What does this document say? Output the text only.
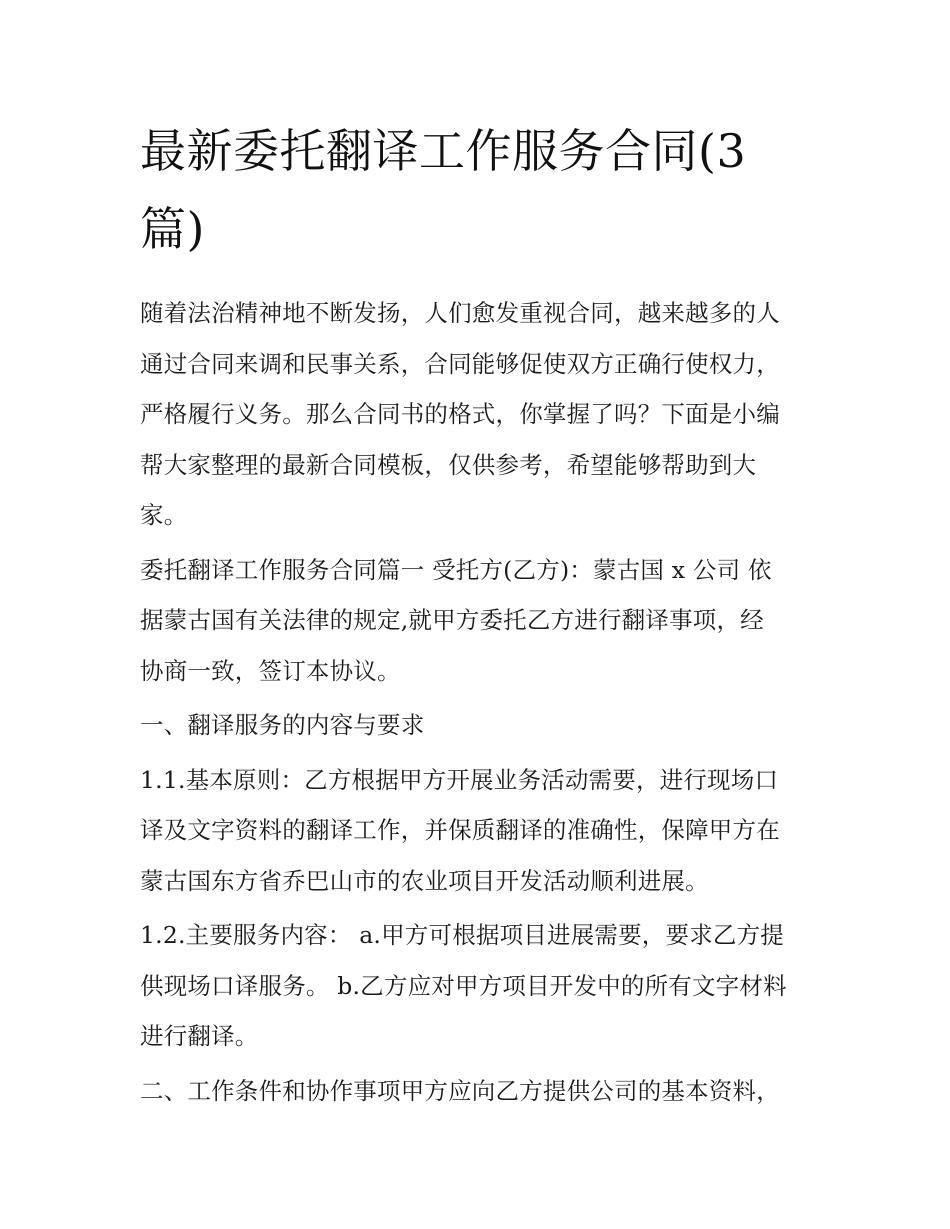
最新委托翻译工作服务合同(3
篇)

随着法治精神地不断发扬，人们愈发重视合同，越来越多的人
通过合同来调和民事关系，合同能够促使双方正确行使权力，
严格履行义务。那么合同书的格式，你掌握了吗？下面是小编
帮大家整理的最新合同模板，仅供参考，希望能够帮助到大
家。

委托翻译工作服务合同篇一 受托方(乙方)：蒙古国 x 公司 依
据蒙古国有关法律的规定,就甲方委托乙方进行翻译事项，经
协商一致，签订本协议。

一、翻译服务的内容与要求

1.1.基本原则：乙方根据甲方开展业务活动需要，进行现场口
译及文字资料的翻译工作，并保质翻译的准确性，保障甲方在
蒙古国东方省乔巴山市的农业项目开发活动顺利进展。

1.2.主要服务内容： a.甲方可根据项目进展需要，要求乙方提
供现场口译服务。 b.乙方应对甲方项目开发中的所有文字材料
进行翻译。

二、工作条件和协作事项甲方应向乙方提供公司的基本资料，
